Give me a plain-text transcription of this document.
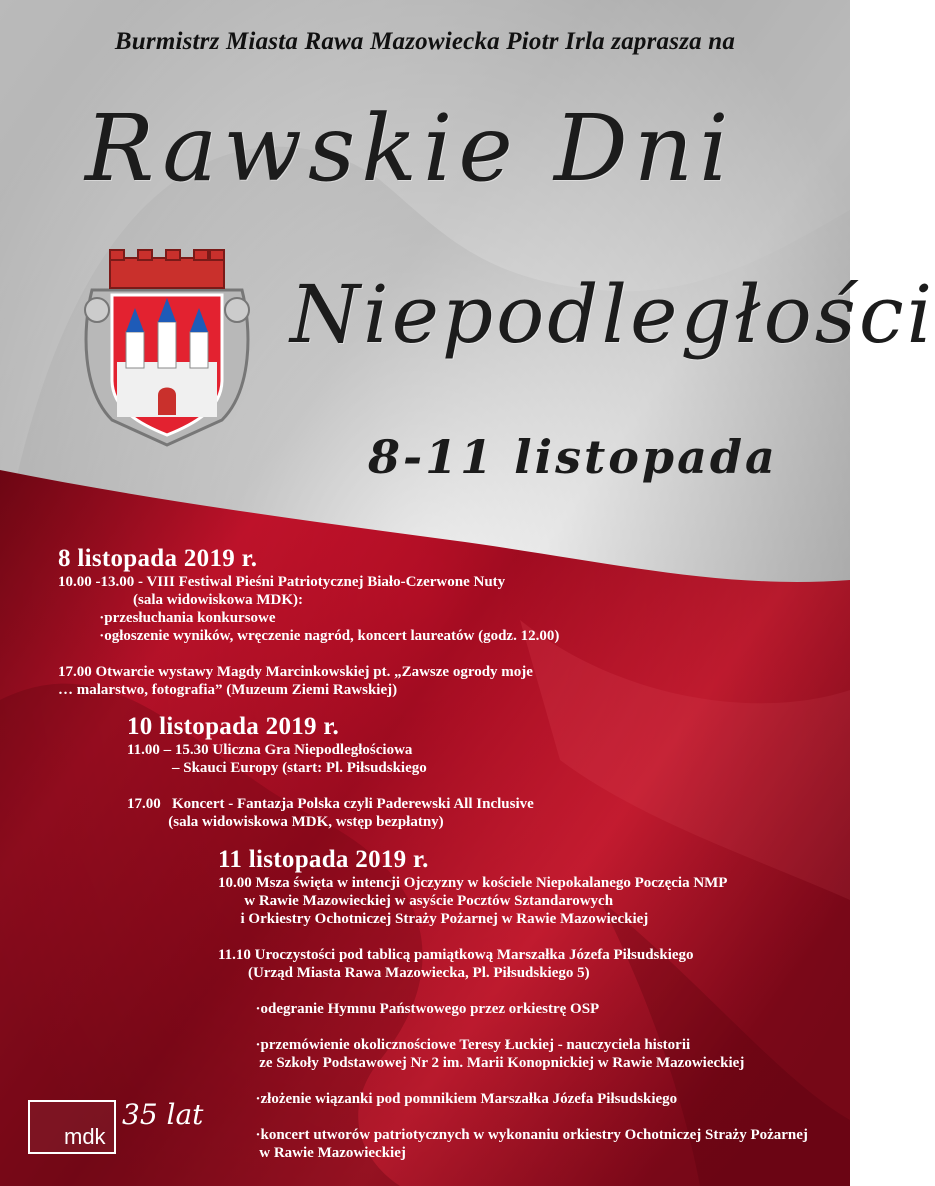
Burmistrz Miasta Rawa Mazowiecka Piotr Irla zaprasza na
Rawskie Dni
Niepodległości
8-11 listopada
8 listopada 2019 r.
10.00 -13.00 - VIII Festiwal Pieśni Patriotycznej Biało-Czerwone Nuty
(sala widowiskowa MDK):
·przesłuchania konkursowe
·ogłoszenie wyników, wręczenie nagród, koncert laureatów (godz. 12.00)

17.00 Otwarcie wystawy Magdy Marcinkowskiej pt. „Zawsze ogrody moje
… malarstwo, fotografia” (Muzeum Ziemi Rawskiej)
10 listopada 2019 r.
11.00 – 15.30 Uliczna Gra Niepodległościowa
– Skauci Europy (start: Pl. Piłsudskiego

17.00   Koncert - Fantazja Polska czyli Paderewski All Inclusive
(sala widowiskowa MDK, wstęp bezpłatny)
11 listopada 2019 r.
10.00 Msza święta w intencji Ojczyzny w kościele Niepokalanego Poczęcia NMP
w Rawie Mazowieckiej w asyście Pocztów Sztandarowych
i Orkiestry Ochotniczej Straży Pożarnej w Rawie Mazowieckiej

11.10 Uroczystości pod tablicą pamiątkową Marszałka Józefa Piłsudskiego
(Urząd Miasta Rawa Mazowiecka, Pl. Piłsudskiego 5)

·odegranie Hymnu Państwowego przez orkiestrę OSP

·przemówienie okolicznościowe Teresy Łuckiej - nauczyciela historii
ze Szkoły Podstawowej Nr 2 im. Marii Konopnickiej w Rawie Mazowieckiej

·złożenie wiązanki pod pomnikiem Marszałka Józefa Piłsudskiego

·koncert utworów patriotycznych w wykonaniu orkiestry Ochotniczej Straży Pożarnej
w Rawie Mazowieckiej
mdk
35 lat
